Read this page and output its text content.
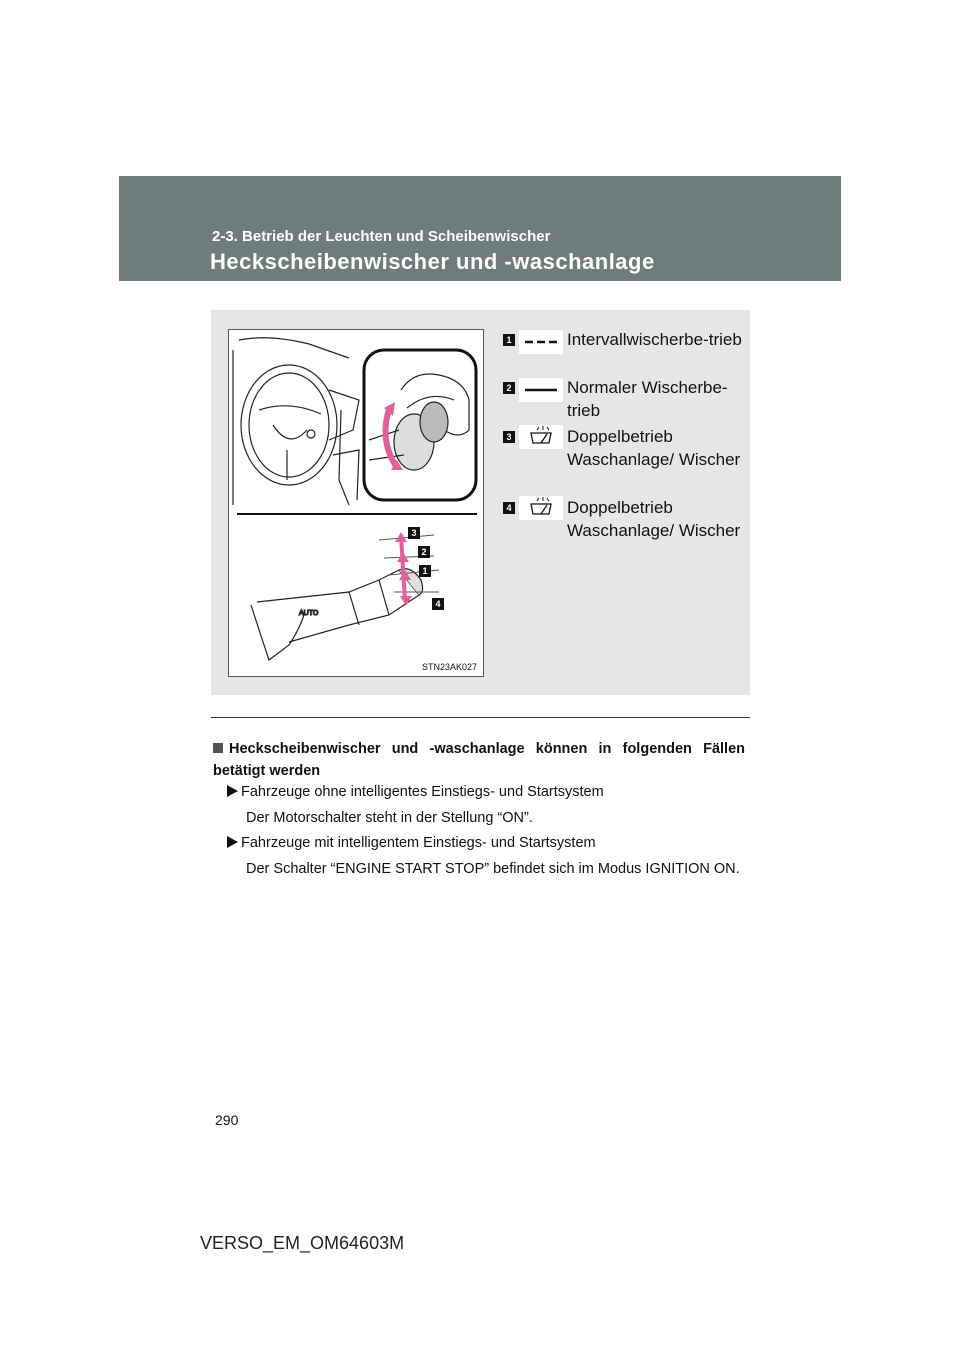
2-3. Betrieb der Leuchten und Scheibenwischer
Heckscheibenwischer und -waschanlage
AUTO
3
2
1
4
STN23AK027
1	Intervallwischerbe-trieb
2	Normaler Wischerbe-trieb
3	Doppelbetrieb Waschanlage/ Wischer
4	Doppelbetrieb Waschanlage/ Wischer
Heckscheibenwischer und -waschanlage können in folgenden Fällen betätigt werden
Fahrzeuge ohne intelligentes Einstiegs- und Startsystem
Der Motorschalter steht in der Stellung “ON”.
Fahrzeuge mit intelligentem Einstiegs- und Startsystem
Der Schalter “ENGINE START STOP” befindet sich im Modus IGNITION ON.
290
VERSO_EM_OM64603M
